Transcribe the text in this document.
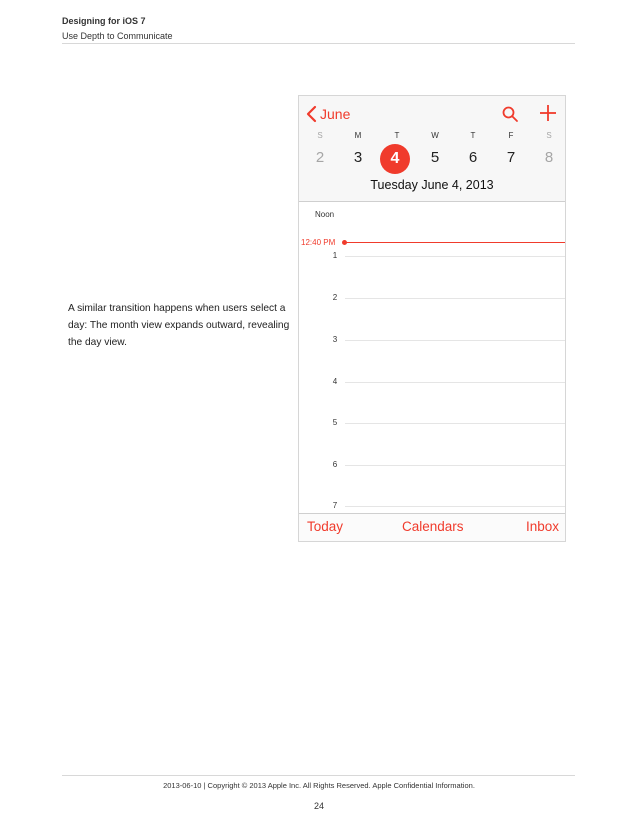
Designing for iOS 7
Use Depth to Communicate

A similar transition happens when users select a day: The month view expands outward, revealing the day view.

June
S	M	T	W	T	F	S
2	3	4	5	6	7	8
Tuesday June 4, 2013
Noon
12:40 PM
1
2
3
4
5
6
7
Today	Calendars	Inbox
2013-06-10 | Copyright © 2013 Apple Inc. All Rights Reserved. Apple Confidential Information.
24
